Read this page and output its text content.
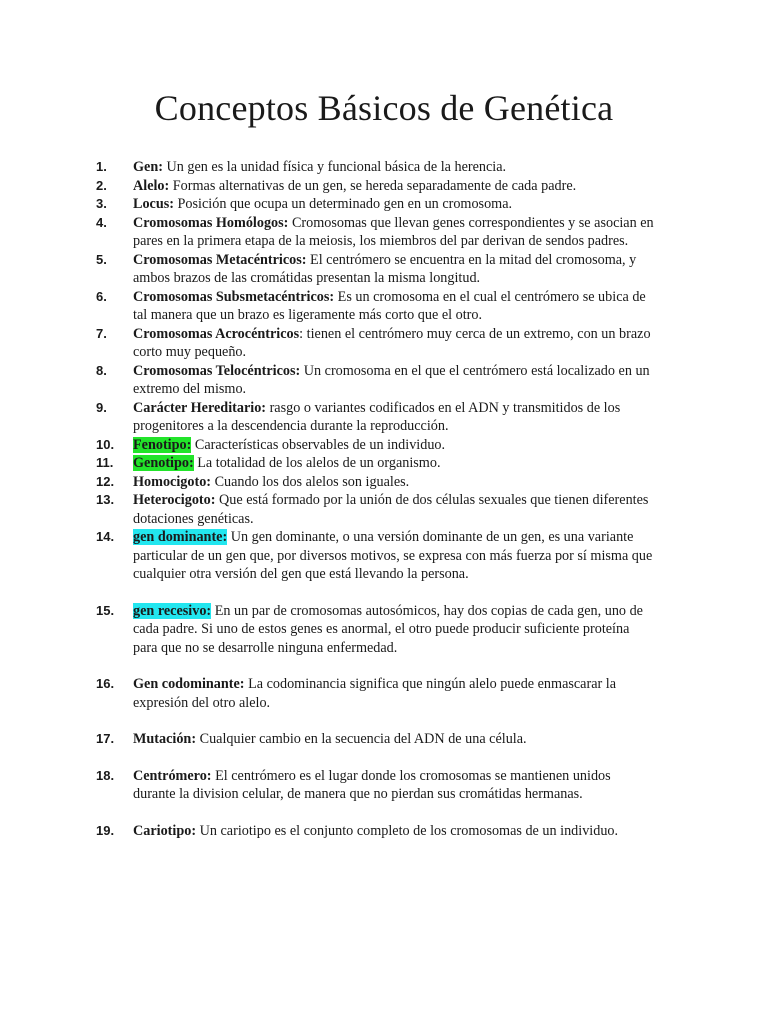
Conceptos Básicos de Genética
1.	Gen: Un gen es la unidad física y funcional básica de la herencia.
2.	Alelo: Formas alternativas de un gen, se hereda separadamente de cada padre.
3.	Locus: Posición que ocupa un determinado gen en un cromosoma.
4.	Cromosomas Homólogos: Cromosomas que llevan genes correspondientes y se asocian en pares en la primera etapa de la meiosis, los miembros del par derivan de sendos padres.
5.	Cromosomas Metacéntricos: El centrómero se encuentra en la mitad del cromosoma, y ambos brazos de las cromátidas presentan la misma longitud.
6.	Cromosomas Subsmetacéntricos: Es un cromosoma en el cual el centrómero se ubica de tal manera que un brazo es ligeramente más corto que el otro.
7.	Cromosomas Acrocéntricos: tienen el centrómero muy cerca de un extremo, con un brazo corto muy pequeño.
8.	Cromosomas Telocéntricos: Un cromosoma en el que el centrómero está localizado en un extremo del mismo.
9.	Carácter Hereditario: rasgo o variantes codificados en el ADN y transmitidos de los progenitores a la descendencia durante la reproducción.
10.	Fenotipo: Características observables de un individuo.
11.	Genotipo: La totalidad de los alelos de un organismo.
12.	Homocigoto: Cuando los dos alelos son iguales.
13.	Heterocigoto: Que está formado por la unión de dos células sexuales que tienen diferentes dotaciones genéticas.
14.	gen dominante: Un gen dominante, o una versión dominante de un gen, es una variante particular de un gen que, por diversos motivos, se expresa con más fuerza por sí misma que cualquier otra versión del gen que está llevando la persona.
15.	gen recesivo: En un par de cromosomas autosómicos, hay dos copias de cada gen, uno de cada padre. Si uno de estos genes es anormal, el otro puede producir suficiente proteína para que no se desarrolle ninguna enfermedad.
16.	Gen codominante: La codominancia significa que ningún alelo puede enmascarar la expresión del otro alelo.
17.	Mutación: Cualquier cambio en la secuencia del ADN de una célula.
18.	Centrómero: El centrómero es el lugar donde los cromosomas se mantienen unidos durante la division celular, de manera que no pierdan sus cromátidas hermanas.
19.	Cariotipo: Un cariotipo es el conjunto completo de los cromosomas de un individuo.
